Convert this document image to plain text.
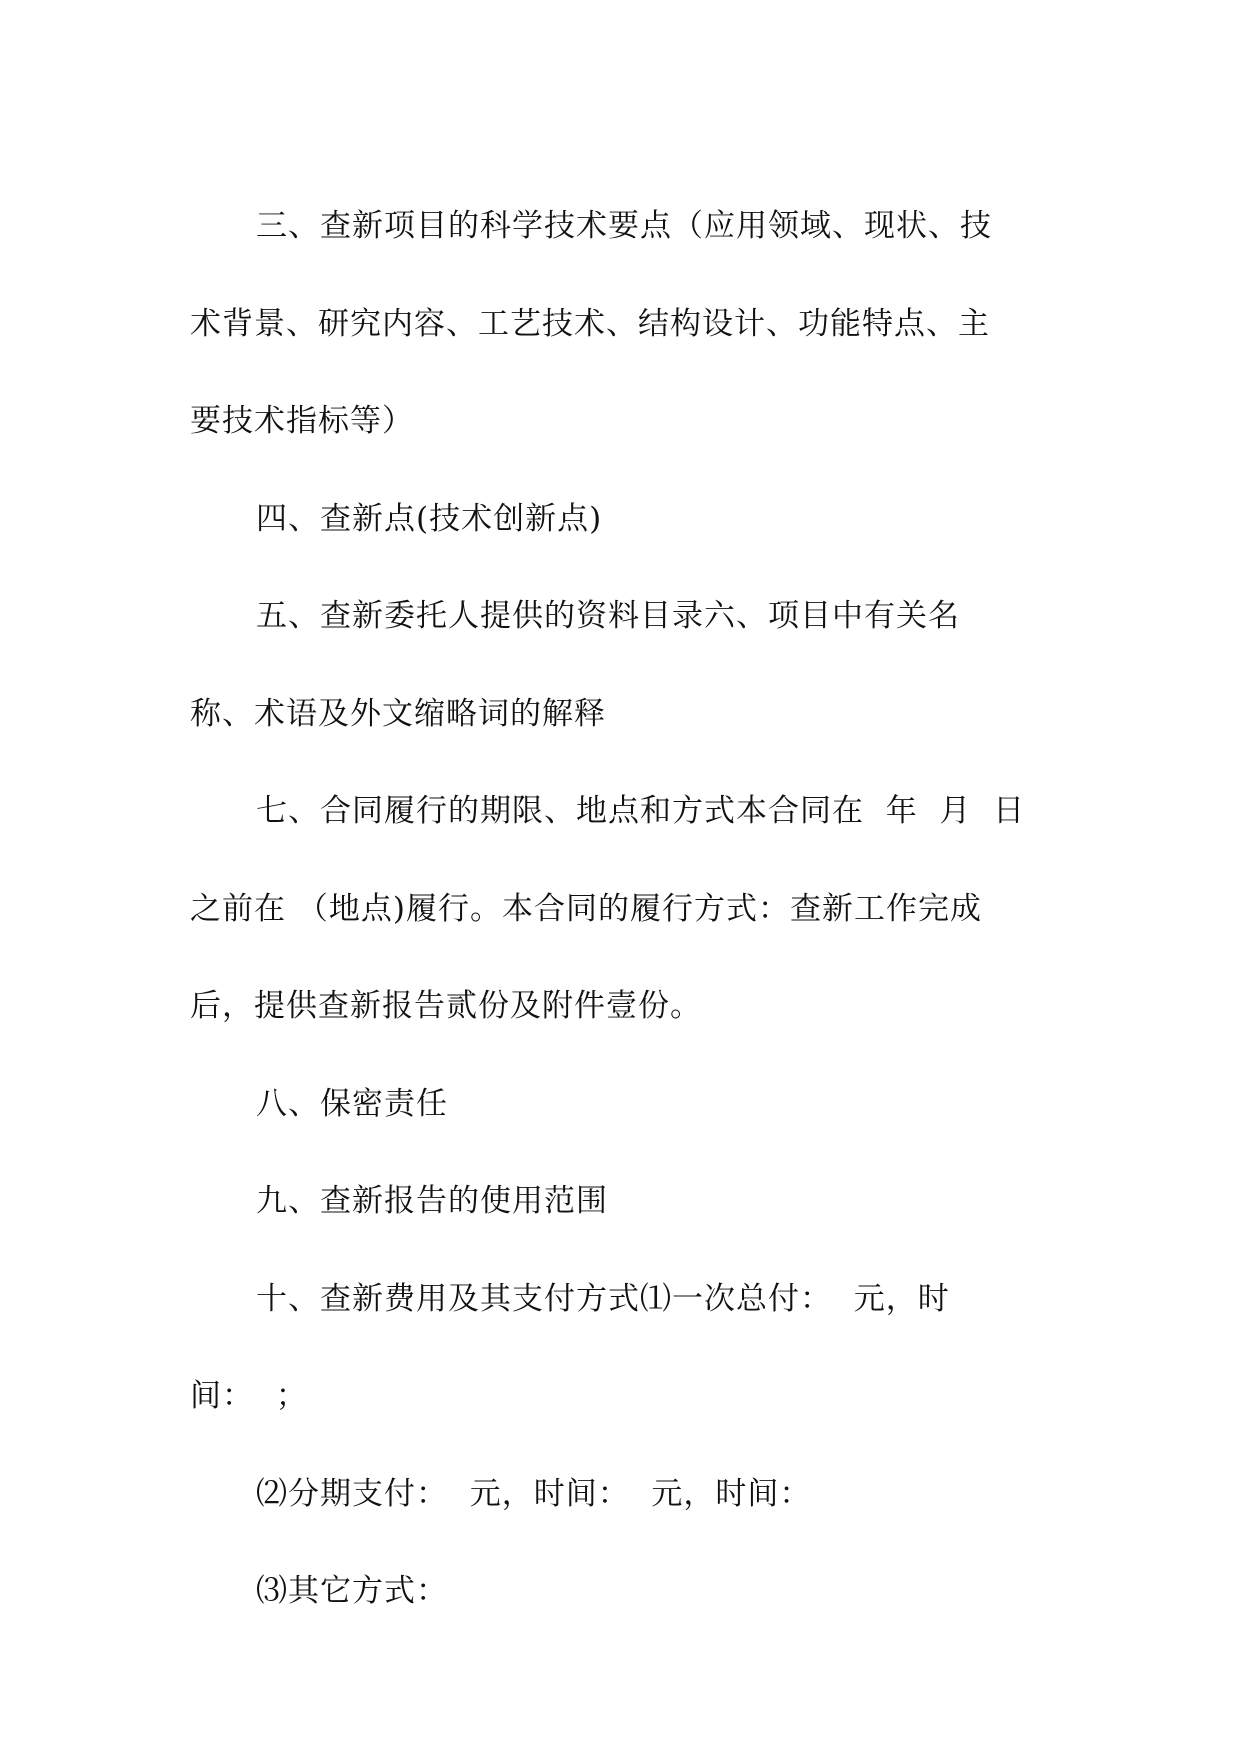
三、查新项目的科学技术要点（应用领域、现状、技
术背景、研究内容、工艺技术、结构设计、功能特点、主
要技术指标等）

四、查新点(技术创新点)

五、查新委托人提供的资料目录六、项目中有关名
称、术语及外文缩略词的解释

七、合同履行的期限、地点和方式本合同在  年  月  日
之前在 （地点)履行。本合同的履行方式：查新工作完成
后，提供查新报告贰份及附件壹份。

八、保密责任

九、查新报告的使用范围

十、查新费用及其支付方式⑴一次总付：  元，时
间：  ；

⑵分期支付：  元，时间：  元，时间：

⑶其它方式：
